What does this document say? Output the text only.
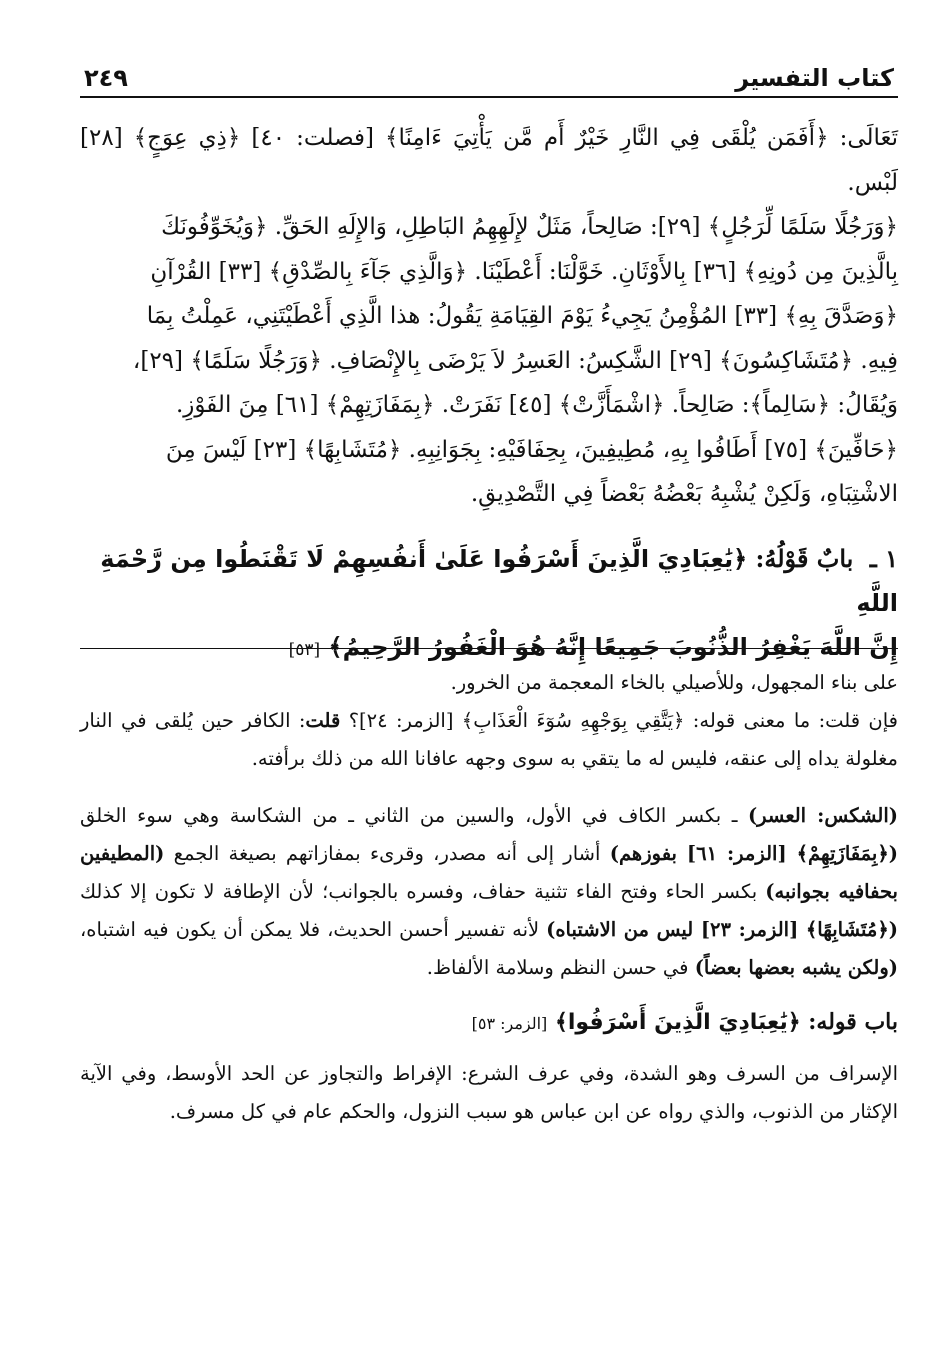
كتاب التفسير
٢٤٩

تَعَالَى: ﴿أَفَمَن يُلْقَى فِي النَّارِ خَيْرٌ أَم مَّن يَأْتِيَ ءَامِنًا﴾ [فصلت: ٤٠] ﴿ذِي عِوَجٍ﴾ [٢٨] لَبْس.

﴿وَرَجُلًا سَلَمًا لِّرَجُلٍ﴾ [٢٩]: صَالِحاً، مَثَلٌ لإِلَهِهِمُ البَاطِلِ، وَالإِلَهِ الحَقِّ. ﴿وَيُخَوِّفُونَكَ

بِالَّذِينَ مِن دُونِهِ﴾ [٣٦] بِالأَوْثَانِ. خَوَّلْنَا: أَعْطَيْنَا. ﴿وَالَّذِي جَآءَ بِالصِّدْقِ﴾ [٣٣] القُرْآنِ

﴿وَصَدَّقَ بِهِ﴾ [٣٣] المُؤْمِنُ يَجِيءُ يَوْمَ القِيَامَةِ يَقُولُ: هذا الَّذِي أَعْطَيْتَنِي، عَمِلْتُ بِمَا

فِيهِ. ﴿مُتَشَاكِسُونَ﴾ [٢٩] الشَّكِسُ: العَسِرُ لاَ يَرْضَى بِالإِنْصَافِ. ﴿وَرَجُلًا سَلَمًا﴾ [٢٩]،

وَيُقَالُ: ﴿سَالِماً﴾: صَالِحاً. ﴿اشْمَأَزَّتْ﴾ [٤٥] نَفَرَتْ. ﴿بِمَفَازَتِهِمْ﴾ [٦١] مِنَ الفَوْزِ.

﴿حَافِّينَ﴾ [٧٥] أَطَافُوا بِهِ، مُطِيفِينَ، بِحِفَافَيْهِ: بِجَوَانِبِهِ. ﴿مُتَشَابِهًا﴾ [٢٣] لَيْسَ مِنَ

الاشْتِبَاهِ، وَلَكِنْ يُشْبِهُ بَعْضُهُ بَعْضاً فِي التَّصْدِيقِ.

١ ـ بابٌ قَوْلُهُ: ﴿يَٰعِبَادِيَ الَّذِينَ أَسْرَفُوا عَلَىٰ أَنفُسِهِمْ لَا تَقْنَطُوا مِن رَّحْمَةِ اللَّهِ
إِنَّ اللَّهَ يَغْفِرُ الذُّنُوبَ جَمِيعًا إِنَّهُ هُوَ الْغَفُورُ الرَّحِيمُ﴾ [٥٣]

على بناء المجهول، وللأصيلي بالخاء المعجمة من الخرور.

فإن قلت: ما معنى قوله: ﴿يَتَّقِي بِوَجْهِهِ سُوٓءَ الْعَذَابِ﴾ [الزمر: ٢٤]؟ قلت: الكافر حين يُلقى في النار مغلولة يداه إلى عنقه، فليس له ما يتقي به سوى وجهه عافانا الله من ذلك برأفته.

(الشكس: العسر) ـ بكسر الكاف في الأول، والسين من الثاني ـ من الشكاسة وهي سوء الخلق (﴿بِمَفَازَتِهِمْ﴾ [الزمر: ٦١] بفوزهم) أشار إلى أنه مصدر، وقرىء بمفازاتهم بصيغة الجمع (المطيفين بحفافيه بجوانبه) بكسر الحاء وفتح الفاء تثنية حفاف، وفسره بالجوانب؛ لأن الإطافة لا تكون إلا كذلك (﴿مُتَشَابِهًا﴾ [الزمر: ٢٣] ليس من الاشتباه) لأنه تفسير أحسن الحديث، فلا يمكن أن يكون فيه اشتباه، (ولكن يشبه بعضها بعضاً) في حسن النظم وسلامة الألفاظ.

باب قوله: ﴿يَٰعِبَادِيَ الَّذِينَ أَسْرَفُوا﴾ [الزمر: ٥٣]

الإسراف من السرف وهو الشدة، وفي عرف الشرع: الإفراط والتجاوز عن الحد الأوسط، وفي الآية الإكثار من الذنوب، والذي رواه عن ابن عباس هو سبب النزول، والحكم عام في كل مسرف.
